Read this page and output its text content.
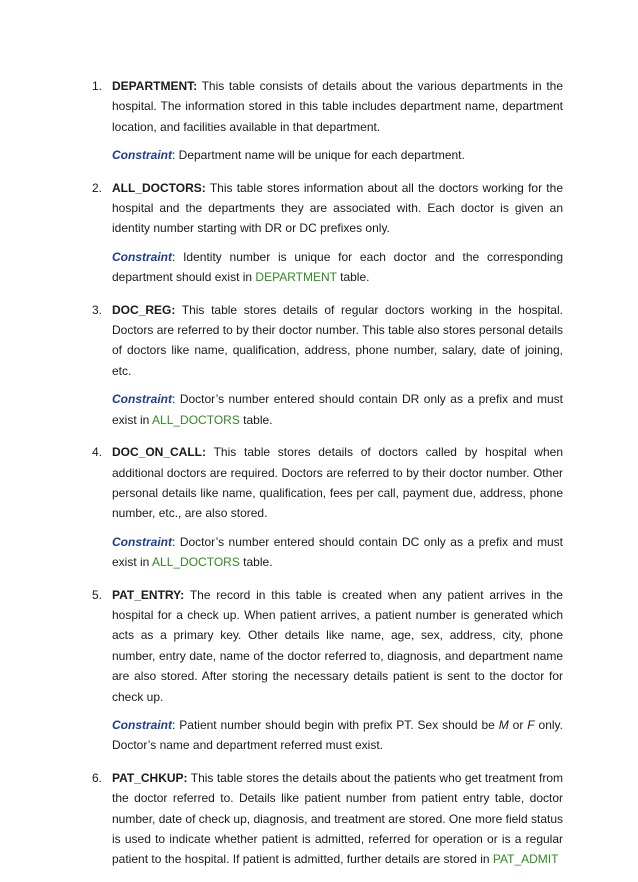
1. DEPARTMENT: This table consists of details about the various departments in the hospital. The information stored in this table includes department name, department location, and facilities available in that department.

Constraint: Department name will be unique for each department.

2. ALL_DOCTORS: This table stores information about all the doctors working for the hospital and the departments they are associated with. Each doctor is given an identity number starting with DR or DC prefixes only.

Constraint: Identity number is unique for each doctor and the corresponding department should exist in DEPARTMENT table.

3. DOC_REG: This table stores details of regular doctors working in the hospital. Doctors are referred to by their doctor number. This table also stores personal details of doctors like name, qualification, address, phone number, salary, date of joining, etc.

Constraint: Doctor’s number entered should contain DR only as a prefix and must exist in ALL_DOCTORS table.

4. DOC_ON_CALL: This table stores details of doctors called by hospital when additional doctors are required. Doctors are referred to by their doctor number. Other personal details like name, qualification, fees per call, payment due, address, phone number, etc., are also stored.

Constraint: Doctor’s number entered should contain DC only as a prefix and must exist in ALL_DOCTORS table.

5. PAT_ENTRY: The record in this table is created when any patient arrives in the hospital for a check up. When patient arrives, a patient number is generated which acts as a primary key. Other details like name, age, sex, address, city, phone number, entry date, name of the doctor referred to, diagnosis, and department name are also stored. After storing the necessary details patient is sent to the doctor for check up.

Constraint: Patient number should begin with prefix PT. Sex should be M or F only. Doctor’s name and department referred must exist.

6. PAT_CHKUP: This table stores the details about the patients who get treatment from the doctor referred to. Details like patient number from patient entry table, doctor number, date of check up, diagnosis, and treatment are stored. One more field status is used to indicate whether patient is admitted, referred for operation or is a regular patient to the hospital. If patient is admitted, further details are stored in PAT_ADMIT
